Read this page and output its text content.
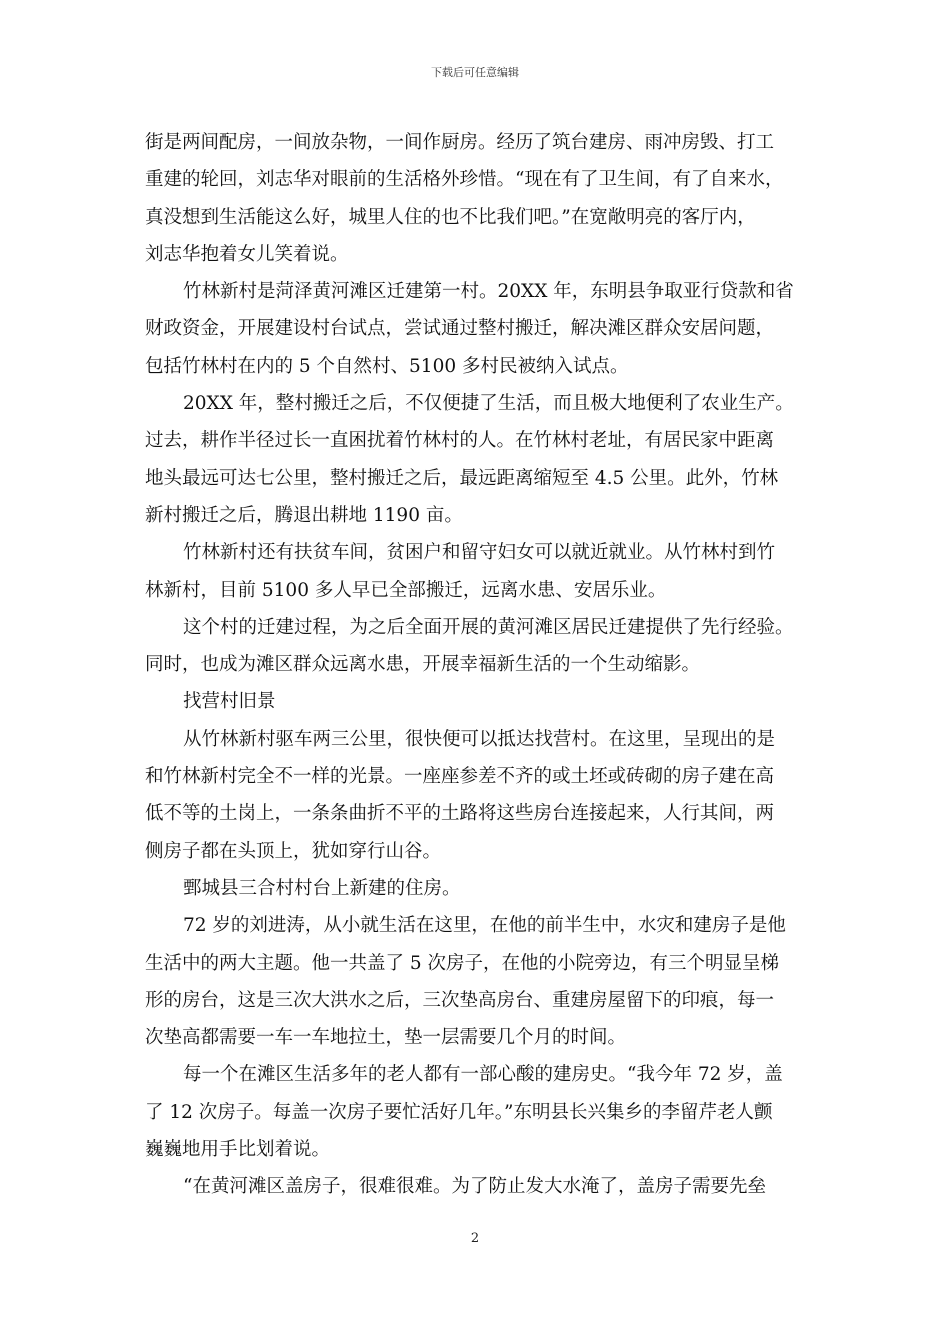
下载后可任意编辑
街是两间配房，一间放杂物，一间作厨房。经历了筑台建房、雨冲房毁、打工
重建的轮回，刘志华对眼前的生活格外珍惜。“现在有了卫生间，有了自来水，
真没想到生活能这么好，城里人住的也不比我们吧。”在宽敞明亮的客厅内，
刘志华抱着女儿笑着说。
竹林新村是菏泽黄河滩区迁建第一村。20XX 年，东明县争取亚行贷款和省
财政资金，开展建设村台试点，尝试通过整村搬迁，解决滩区群众安居问题，
包括竹林村在内的 5 个自然村、5100 多村民被纳入试点。
20XX 年，整村搬迁之后，不仅便捷了生活，而且极大地便利了农业生产。
过去，耕作半径过长一直困扰着竹林村的人。在竹林村老址，有居民家中距离
地头最远可达七公里，整村搬迁之后，最远距离缩短至 4.5 公里。此外，竹林
新村搬迁之后，腾退出耕地 1190 亩。
竹林新村还有扶贫车间，贫困户和留守妇女可以就近就业。从竹林村到竹
林新村，目前 5100 多人早已全部搬迁，远离水患、安居乐业。
这个村的迁建过程，为之后全面开展的黄河滩区居民迁建提供了先行经验。
同时，也成为滩区群众远离水患，开展幸福新生活的一个生动缩影。
找营村旧景
从竹林新村驱车两三公里，很快便可以抵达找营村。在这里，呈现出的是
和竹林新村完全不一样的光景。一座座参差不齐的或土坯或砖砌的房子建在高
低不等的土岗上，一条条曲折不平的土路将这些房台连接起来，人行其间，两
侧房子都在头顶上，犹如穿行山谷。
鄄城县三合村村台上新建的住房。
72 岁的刘进涛，从小就生活在这里，在他的前半生中，水灾和建房子是他
生活中的两大主题。他一共盖了 5 次房子，在他的小院旁边，有三个明显呈梯
形的房台，这是三次大洪水之后，三次垫高房台、重建房屋留下的印痕，每一
次垫高都需要一车一车地拉土，垫一层需要几个月的时间。
每一个在滩区生活多年的老人都有一部心酸的建房史。“我今年 72 岁，盖
了 12 次房子。每盖一次房子要忙活好几年。”东明县长兴集乡的李留芹老人颤
巍巍地用手比划着说。
“在黄河滩区盖房子，很难很难。为了防止发大水淹了，盖房子需要先垒
2
